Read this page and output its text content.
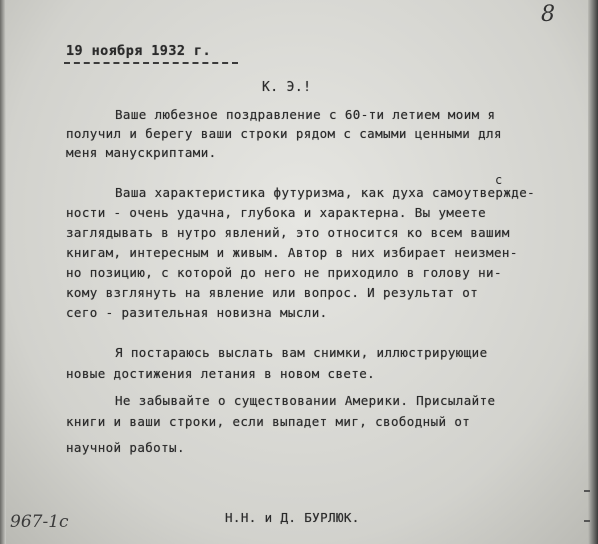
8
19 ноября 1932 г.
К. Э.!
Ваше любезное поздравление с 60-ти летием моим я
получил и берегу ваши строки рядом с самыми ценными для
меня манускриптами.
с
Ваша характеристика футуризма, как духа самоутвержде-
ности - очень удачна, глубока и характерна. Вы умеете
заглядывать в нутро явлений, это относится ко всем вашим
книгам, интересным и живым. Автор в них избирает неизмен-
но позицию, с которой до него не приходило в голову ни-
кому взглянуть на явление или вопрос. И результат от
сего - разительная новизна мысли.
Я постараюсь выслать вам снимки, иллюстрирующие
новые достижения летания в новом свете.
Не забывайте о существовании Америки. Присылайте
книги и ваши строки, если выпадет миг, свободный от
научной работы.
Н.Н. и Д. БУРЛЮК.
967-1с
